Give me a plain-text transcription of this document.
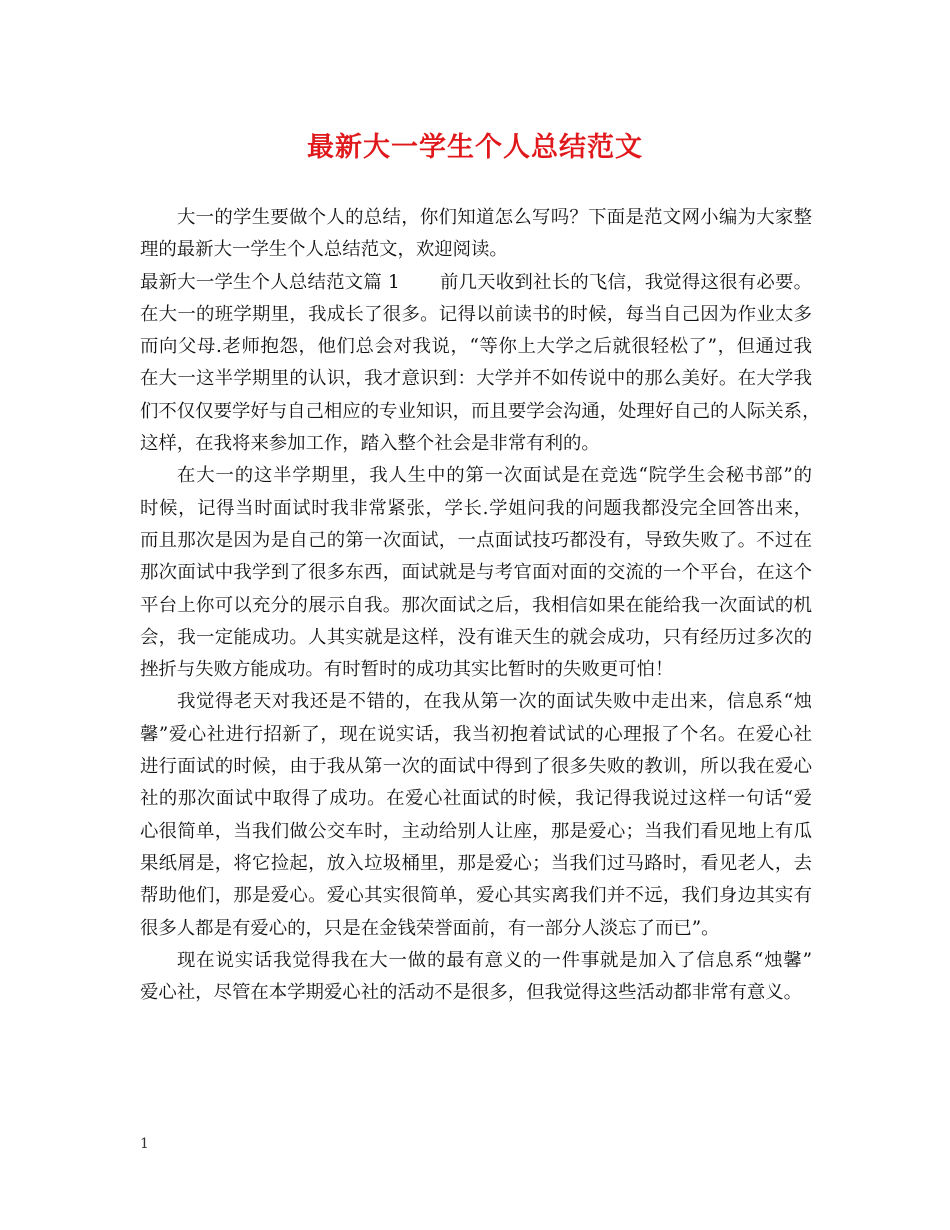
最新大一学生个人总结范文
大一的学生要做个人的总结，你们知道怎么写吗？下面是范文网小编为大家整
理的最新大一学生个人总结范文，欢迎阅读。
最新大一学生个人总结范文篇 1 前几天收到社长的飞信，我觉得这很有必要。
在大一的班学期里，我成长了很多。记得以前读书的时候，每当自己因为作业太多
而向父母.老师抱怨，他们总会对我说，“等你上大学之后就很轻松了”，但通过我
在大一这半学期里的认识，我才意识到：大学并不如传说中的那么美好。在大学我
们不仅仅要学好与自己相应的专业知识，而且要学会沟通，处理好自己的人际关系，
这样，在我将来参加工作，踏入整个社会是非常有利的。
在大一的这半学期里，我人生中的第一次面试是在竞选“院学生会秘书部”的
时候，记得当时面试时我非常紧张，学长.学姐问我的问题我都没完全回答出来，
而且那次是因为是自己的第一次面试，一点面试技巧都没有，导致失败了。不过在
那次面试中我学到了很多东西，面试就是与考官面对面的交流的一个平台，在这个
平台上你可以充分的展示自我。那次面试之后，我相信如果在能给我一次面试的机
会，我一定能成功。人其实就是这样，没有谁天生的就会成功，只有经历过多次的
挫折与失败方能成功。有时暂时的成功其实比暂时的失败更可怕！
我觉得老天对我还是不错的，在我从第一次的面试失败中走出来，信息系“烛
馨”爱心社进行招新了，现在说实话，我当初抱着试试的心理报了个名。在爱心社
进行面试的时候，由于我从第一次的面试中得到了很多失败的教训，所以我在爱心
社的那次面试中取得了成功。在爱心社面试的时候，我记得我说过这样一句话“爱
心很简单，当我们做公交车时，主动给别人让座，那是爱心；当我们看见地上有瓜
果纸屑是，将它捡起，放入垃圾桶里，那是爱心；当我们过马路时，看见老人，去
帮助他们，那是爱心。爱心其实很简单，爱心其实离我们并不远，我们身边其实有
很多人都是有爱心的，只是在金钱荣誉面前，有一部分人淡忘了而已”。
现在说实话我觉得我在大一做的最有意义的一件事就是加入了信息系“烛馨”
爱心社，尽管在本学期爱心社的活动不是很多，但我觉得这些活动都非常有意义。
1
